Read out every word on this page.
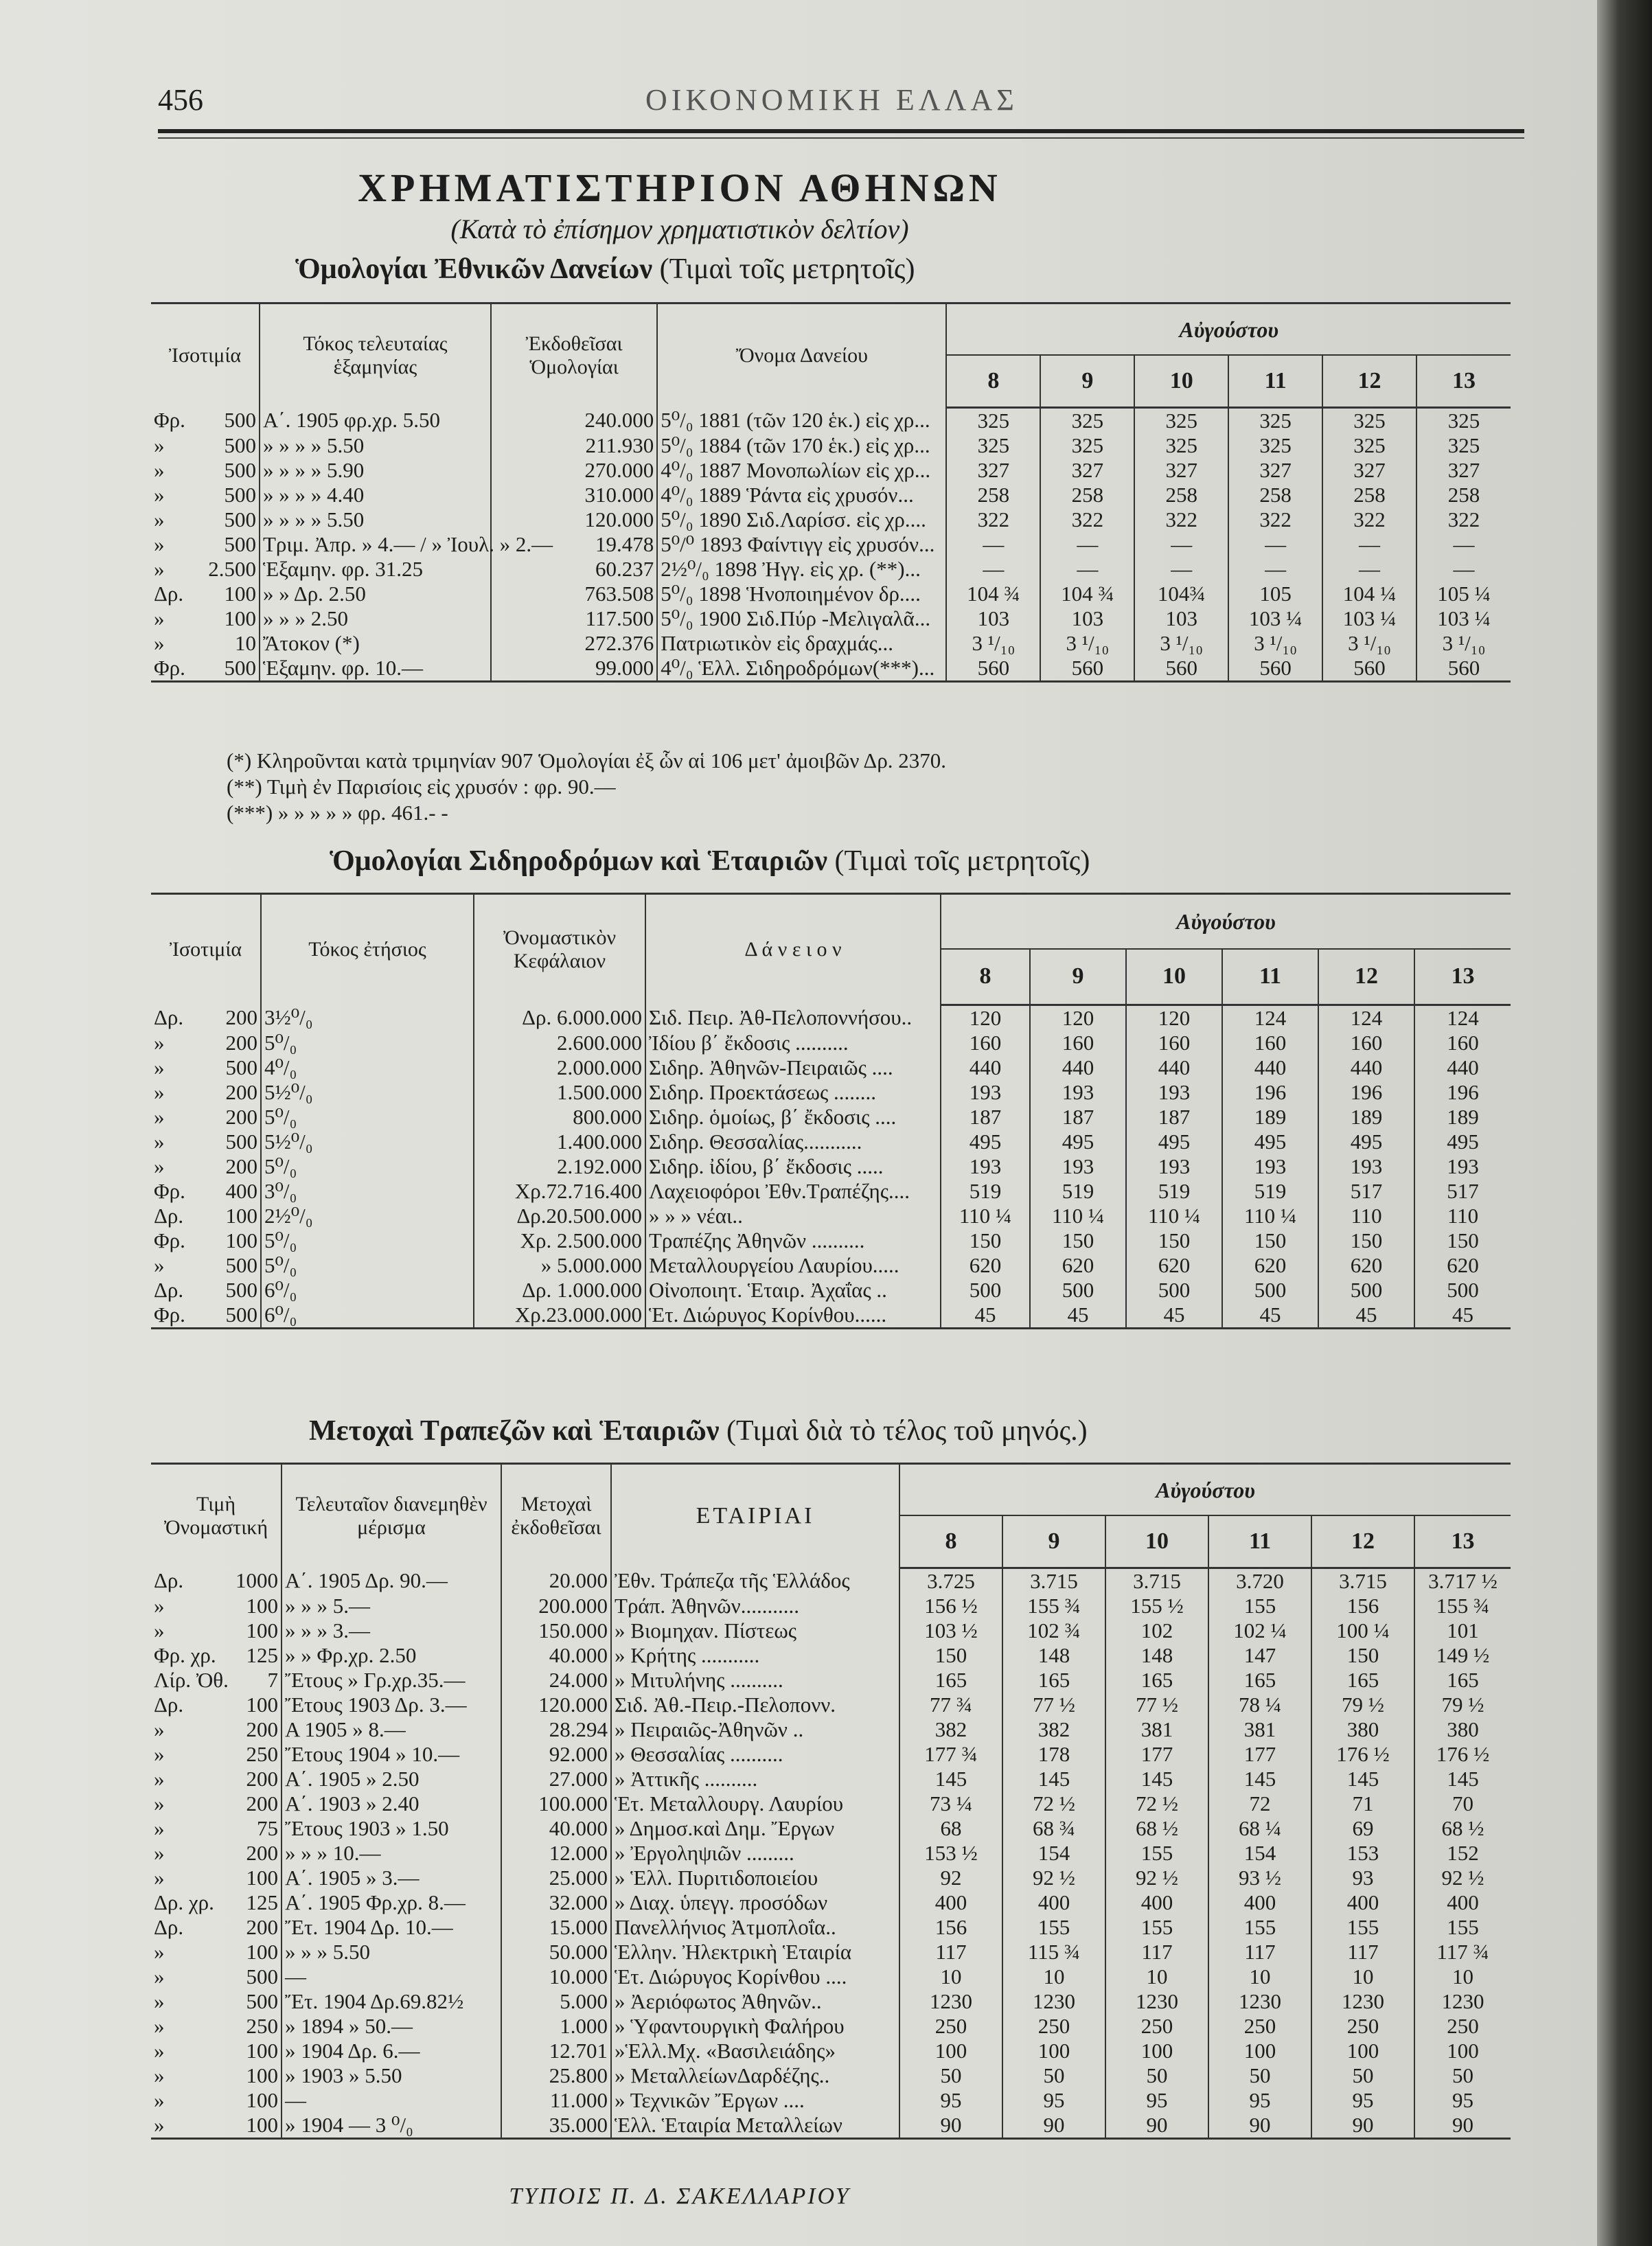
456	ΟΙΚΟΝΟΜΙΚΗ ΕΛΛΑΣ
ΧΡΗΜΑΤΙΣΤΗΡΙΟΝ ΑΘΗΝΩΝ
(Κατὰ τὸ ἐπίσημον χρηματιστικὸν δελτίον)
Ὁμολογίαι Ἐθνικῶν Δανείων (Τιμαὶ τοῖς μετρητοῖς)
Ἰσοτιμία		Τόκος τελευταίας ἑξαμηνίας	Ἐκδοθεῖσαι Ὁμολογίαι	Ὄνομα Δανείου	Αὐγούστου					
					8	9	10	11	12	13
Φρ.	500	Α΄. 1905 φρ.χρ. 5.50	240.000	5⁰/₀ 1881 (τῶν 120 ἑκ.) εἰς χρ...	325	325	325	325	325	325
»	500	» » » » 5.50	211.930	5⁰/₀ 1884 (τῶν 170 ἑκ.) εἰς χρ...	325	325	325	325	325	325
»	500	» » » » 5.90	270.000	4⁰/₀ 1887 Μονοπωλίων εἰς χρ...	327	327	327	327	327	327
»	500	» » » » 4.40	310.000	4⁰/₀ 1889 Ῥάντα εἰς χρυσόν...	258	258	258	258	258	258
»	500	» » » » 5.50	120.000	5⁰/₀ 1890 Σιδ.Λαρίσσ. εἰς χρ....	322	322	322	322	322	322
»	500	Τριμ. Ἀπρ. » 4.— / » Ἰουλ. » 2.—	19.478	5⁰/⁰ 1893 Φαίντιγγ εἰς χρυσόν...	—	—	—	—	—	—
»	2.500	Ἑξαμην. φρ. 31.25	60.237	2½⁰/₀ 1898 Ἠγγ. εἰς χρ. (**)...	—	—	—	—	—	—
Δρ.	100	» » Δρ. 2.50	763.508	5⁰/₀ 1898 Ἡνοποιημένον δρ....	104 ¾	104 ¾	104¾	105	104 ¼	105 ¼
»	100	» » » 2.50	117.500	5⁰/₀ 1900 Σιδ.Πύρ -Μελιγαλᾶ...	103	103	103	103 ¼	103 ¼	103 ¼
»	10	Ἄτοκον (*)	272.376	Πατριωτικὸν εἰς δραχμάς...	3 ¹/₁₀	3 ¹/₁₀	3 ¹/₁₀	3 ¹/₁₀	3 ¹/₁₀	3 ¹/₁₀
Φρ.	500	Ἑξαμην. φρ. 10.—	99.000	4⁰/₀ Ἑλλ. Σιδηροδρόμων(***)...	560	560	560	560	560	560
(*) Κληροῦνται κατὰ τριμηνίαν 907 Ὁμολογίαι ἐξ ὧν αἱ 106 μετ' ἀμοιβῶν Δρ. 2370.
(**) Τιμὴ ἐν Παρισίοις εἰς χρυσόν : φρ. 90.—
(***) » » » » » φρ. 461.- -
Ὁμολογίαι Σιδηροδρόμων καὶ Ἑταιριῶν (Τιμαὶ τοῖς μετρητοῖς)
Ἰσοτιμία		Τόκος ἐτήσιος	Ὀνομαστικὸν Κεφάλαιον	Δ ά ν ε ι ο ν	Αὐγούστου					
					8	9	10	11	12	13
Δρ.	200	3½⁰/₀	Δρ. 6.000.000	Σιδ. Πειρ. Ἀθ-Πελοποννήσου..	120	120	120	124	124	124
»	200	5⁰/₀	2.600.000	Ἰδίου β΄ ἔκδοσις ..........	160	160	160	160	160	160
»	500	4⁰/₀	2.000.000	Σιδηρ. Ἀθηνῶν-Πειραιῶς ....	440	440	440	440	440	440
»	200	5½⁰/₀	1.500.000	Σιδηρ. Προεκτάσεως ........	193	193	193	196	196	196
»	200	5⁰/₀	800.000	Σιδηρ. ὁμοίως, β΄ ἔκδοσις ....	187	187	187	189	189	189
»	500	5½⁰/₀	1.400.000	Σιδηρ. Θεσσαλίας...........	495	495	495	495	495	495
»	200	5⁰/₀	2.192.000	Σιδηρ. ἰδίου, β΄ ἔκδοσις .....	193	193	193	193	193	193
Φρ.	400	3⁰/₀	Χρ.72.716.400	Λαχειοφόροι Ἐθν.Τραπέζης....	519	519	519	519	517	517
Δρ.	100	2½⁰/₀	Δρ.20.500.000	» » » νέαι..	110 ¼	110 ¼	110 ¼	110 ¼	110	110
Φρ.	100	5⁰/₀	Χρ. 2.500.000	Τραπέζης Ἀθηνῶν ..........	150	150	150	150	150	150
»	500	5⁰/₀	» 5.000.000	Μεταλλουργείου Λαυρίου.....	620	620	620	620	620	620
Δρ.	500	6⁰/₀	Δρ. 1.000.000	Οἰνοποιητ. Ἑταιρ. Ἀχαΐας ..	500	500	500	500	500	500
Φρ.	500	6⁰/₀	Χρ.23.000.000	Ἑτ. Διώρυγος Κορίνθου......	45	45	45	45	45	45
Μετοχαὶ Τραπεζῶν καὶ Ἑταιριῶν (Τιμαὶ διὰ τὸ τέλος τοῦ μηνός.)
Τιμὴ Ὀνομαστική		Τελευταῖον διανεμηθὲν μέρισμα	Μετοχαὶ ἐκδοθεῖσαι	ΕΤΑΙΡΙΑΙ	Αὐγούστου					
					8	9	10	11	12	13
Δρ.	1000	Α΄. 1905 Δρ. 90.—	20.000	Ἐθν. Τράπεζα τῆς Ἑλλάδος	3.725	3.715	3.715	3.720	3.715	3.717 ½
»	100	» » » 5.—	200.000	Τράπ. Ἀθηνῶν...........	156 ½	155 ¾	155 ½	155	156	155 ¾
»	100	» » » 3.—	150.000	» Βιομηχαν. Πίστεως	103 ½	102 ¾	102	102 ¼	100 ¼	101
Φρ. χρ.	125	» » Φρ.χρ. 2.50	40.000	» Κρήτης ...........	150	148	148	147	150	149 ½
Λίρ. Ὀθ.	7	Ἔτους » Γρ.χρ.35.—	24.000	» Μιτυλήνης ..........	165	165	165	165	165	165
Δρ.	100	Ἔτους 1903 Δρ. 3.—	120.000	Σιδ. Ἀθ.-Πειρ.-Πελοπονν.	77 ¾	77 ½	77 ½	78 ¼	79 ½	79 ½
»	200	Α 1905 » 8.—	28.294	» Πειραιῶς-Ἀθηνῶν ..	382	382	381	381	380	380
»	250	Ἔτους 1904 » 10.—	92.000	» Θεσσαλίας ..........	177 ¾	178	177	177	176 ½	176 ½
»	200	Α΄. 1905 » 2.50	27.000	» Ἀττικῆς ..........	145	145	145	145	145	145
»	200	Α΄. 1903 » 2.40	100.000	Ἑτ. Μεταλλουργ. Λαυρίου	73 ¼	72 ½	72 ½	72	71	70
»	75	Ἔτους 1903 » 1.50	40.000	» Δημοσ.καὶ Δημ. Ἔργων	68	68 ¾	68 ½	68 ¼	69	68 ½
»	200	» » » 10.—	12.000	» Ἐργοληψιῶν .........	153 ½	154	155	154	153	152
»	100	Α΄. 1905 » 3.—	25.000	» Ἑλλ. Πυριτιδοποιείου	92	92 ½	92 ½	93 ½	93	92 ½
Δρ. χρ.	125	Α΄. 1905 Φρ.χρ. 8.—	32.000	» Διαχ. ὑπεγγ. προσόδων	400	400	400	400	400	400
Δρ.	200	Ἔτ. 1904 Δρ. 10.—	15.000	Πανελλήνιος Ἀτμοπλοΐα..	156	155	155	155	155	155
»	100	» » » 5.50	50.000	Ἑλλην. Ἠλεκτρικὴ Ἑταιρία	117	115 ¾	117	117	117	117 ¾
»	500	—	10.000	Ἑτ. Διώρυγος Κορίνθου ....	10	10	10	10	10	10
»	500	Ἔτ. 1904 Δρ.69.82½	5.000	» Ἀεριόφωτος Ἀθηνῶν..	1230	1230	1230	1230	1230	1230
»	250	» 1894 » 50.—	1.000	» Ὑφαντουργικὴ Φαλήρου	250	250	250	250	250	250
»	100	» 1904 Δρ. 6.—	12.701	»Ἑλλ.Μχ. «Βασιλειάδης»	100	100	100	100	100	100
»	100	» 1903 » 5.50	25.800	» ΜεταλλείωνΔαρδέζης..	50	50	50	50	50	50
»	100	—	11.000	» Τεχνικῶν Ἔργων ....	95	95	95	95	95	95
»	100	» 1904 — 3 ⁰/₀	35.000	Ἑλλ. Ἑταιρία Μεταλλείων	90	90	90	90	90	90
ΤΥΠΟΙΣ Π. Δ. ΣΑΚΕΛΛΑΡΙΟΥ
